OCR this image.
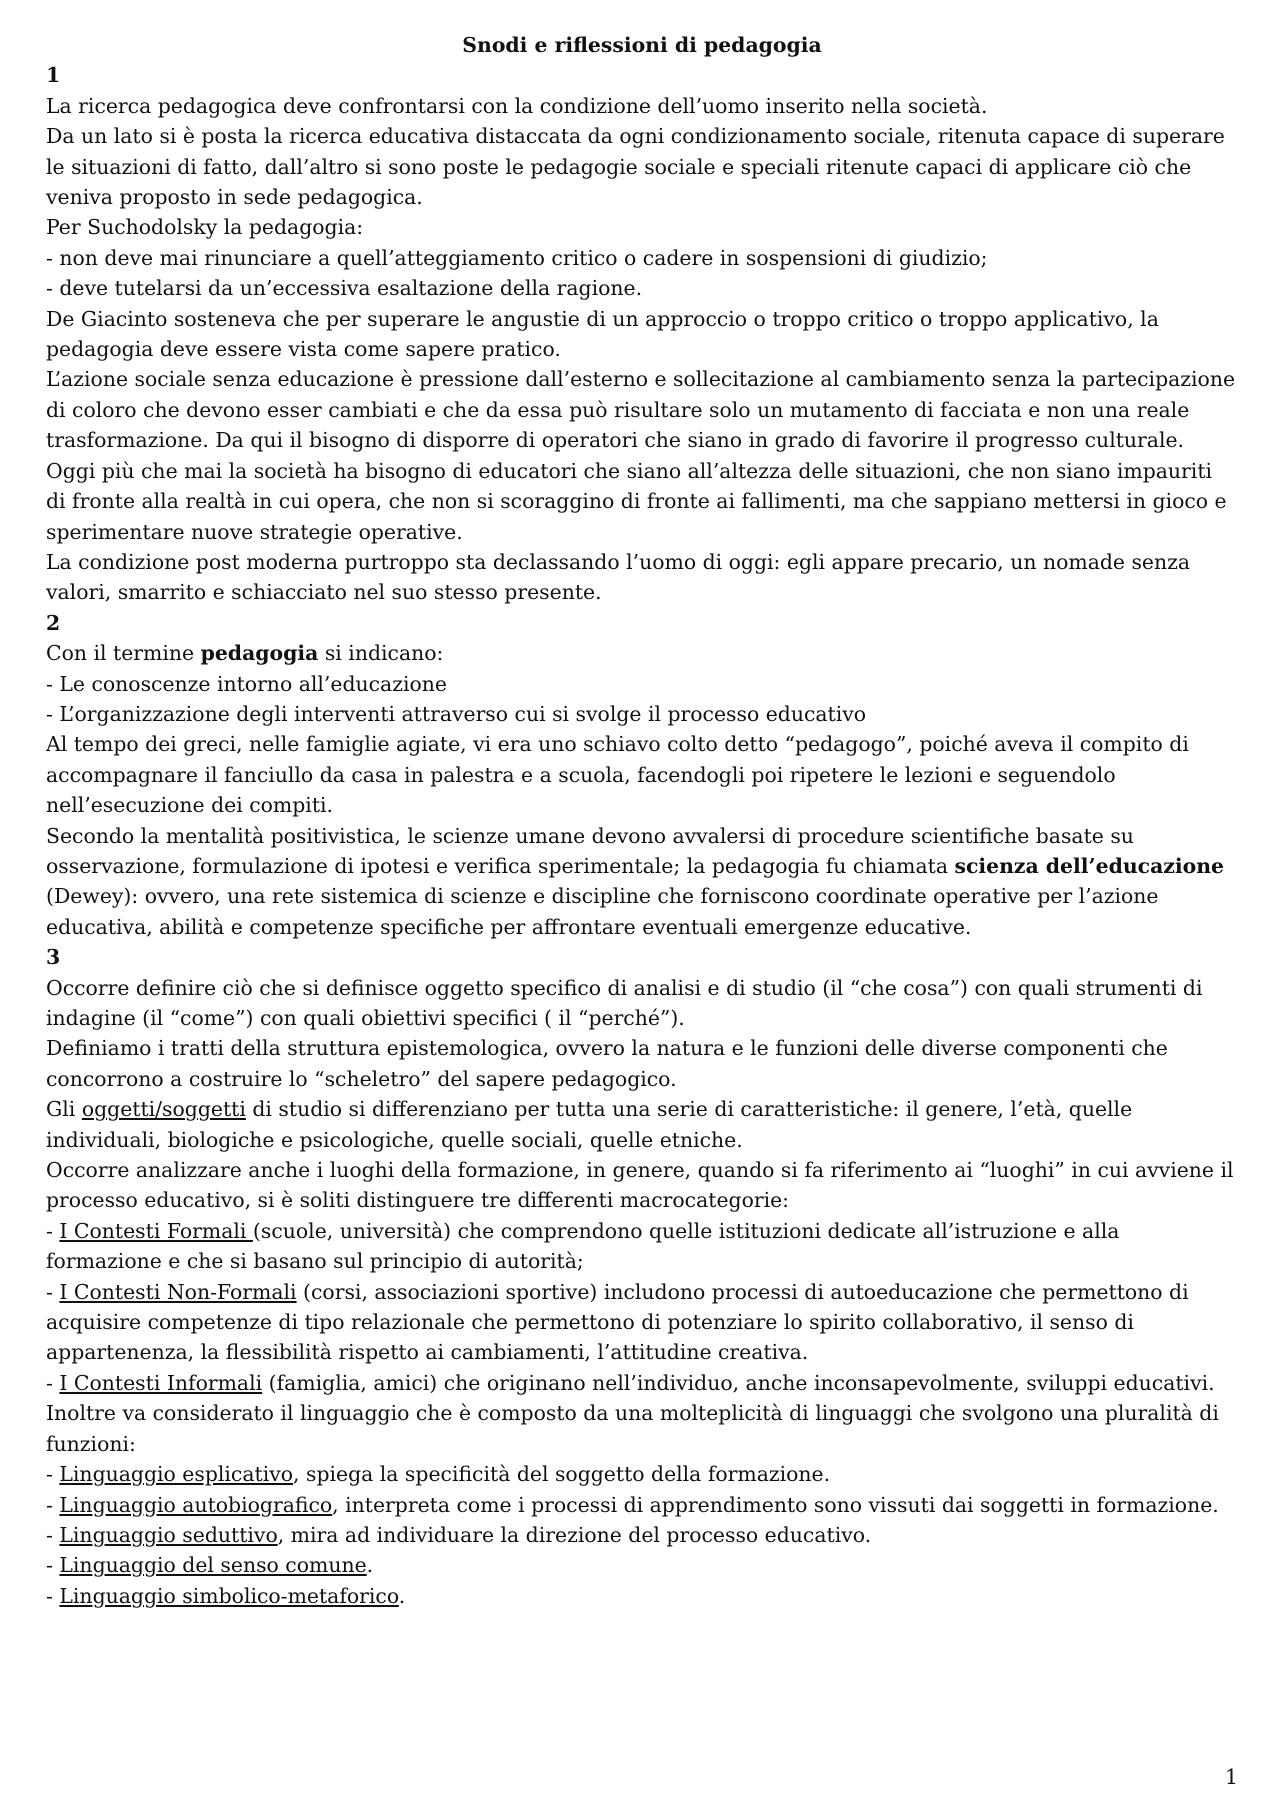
Snodi e riflessioni di pedagogia

1

La ricerca pedagogica deve confrontarsi con la condizione dell’uomo inserito nella società.

Da un lato si è posta la ricerca educativa distaccata da ogni condizionamento sociale, ritenuta capace di superare le situazioni di fatto, dall’altro si sono poste le pedagogie sociale e speciali ritenute capaci di applicare ciò che veniva proposto in sede pedagogica.

Per Suchodolsky la pedagogia:

- non deve mai rinunciare a quell’atteggiamento critico o cadere in sospensioni di giudizio;

- deve tutelarsi da un’eccessiva esaltazione della ragione.

De Giacinto sosteneva che per superare le angustie di un approccio o troppo critico o troppo applicativo, la pedagogia deve essere vista come sapere pratico.

L’azione sociale senza educazione è pressione dall’esterno e sollecitazione al cambiamento senza la partecipazione di coloro che devono esser cambiati e che da essa può risultare solo un mutamento di facciata e non una reale trasformazione. Da qui il bisogno di disporre di operatori che siano in grado di favorire il progresso culturale.

Oggi più che mai la società ha bisogno di educatori che siano all’altezza delle situazioni, che non siano impauriti di fronte alla realtà in cui opera, che non si scoraggino di fronte ai fallimenti, ma che sappiano mettersi in gioco e sperimentare nuove strategie operative.

La condizione post moderna purtroppo sta declassando l’uomo di oggi: egli appare precario, un nomade senza valori, smarrito e schiacciato nel suo stesso presente.

2

Con il termine pedagogia si indicano:

- Le conoscenze intorno all’educazione

- L’organizzazione degli interventi attraverso cui si svolge il processo educativo

Al tempo dei greci, nelle famiglie agiate, vi era uno schiavo colto detto “pedagogo”, poiché aveva il compito di accompagnare il fanciullo da casa in palestra e a scuola, facendogli poi ripetere le lezioni e seguendolo nell’esecuzione dei compiti.

Secondo la mentalità positivistica, le scienze umane devono avvalersi di procedure scientifiche basate su osservazione, formulazione di ipotesi e verifica sperimentale; la pedagogia fu chiamata scienza dell’educazione (Dewey): ovvero, una rete sistemica di scienze e discipline che forniscono coordinate operative per l’azione educativa, abilità e competenze specifiche per affrontare eventuali emergenze educative.

3

Occorre definire ciò che si definisce oggetto specifico di analisi e di studio (il “che cosa”) con quali strumenti di indagine (il “come”) con quali obiettivi specifici ( il “perché”).

Definiamo i tratti della struttura epistemologica, ovvero la natura e le funzioni delle diverse componenti che concorrono a costruire lo “scheletro” del sapere pedagogico.

Gli oggetti/soggetti di studio si differenziano per tutta una serie di caratteristiche: il genere, l’età, quelle individuali, biologiche e psicologiche, quelle sociali, quelle etniche.

Occorre analizzare anche i luoghi della formazione, in genere, quando si fa riferimento ai “luoghi” in cui avviene il processo educativo, si è soliti distinguere tre differenti macrocategorie:

- I Contesti Formali (scuole, università) che comprendono quelle istituzioni dedicate all’istruzione e alla formazione e che si basano sul principio di autorità;

- I Contesti Non-Formali (corsi, associazioni sportive) includono processi di autoeducazione che permettono di acquisire competenze di tipo relazionale che permettono di potenziare lo spirito collaborativo, il senso di appartenenza, la flessibilità rispetto ai cambiamenti, l’attitudine creativa.

- I Contesti Informali (famiglia, amici) che originano nell’individuo, anche inconsapevolmente, sviluppi educativi.

Inoltre va considerato il linguaggio che è composto da una molteplicità di linguaggi che svolgono una pluralità di funzioni:

- Linguaggio esplicativo, spiega la specificità del soggetto della formazione.

- Linguaggio autobiografico, interpreta come i processi di apprendimento sono vissuti dai soggetti in formazione.

- Linguaggio seduttivo, mira ad individuare la direzione del processo educativo.

- Linguaggio del senso comune.

- Linguaggio simbolico-metaforico.

1
